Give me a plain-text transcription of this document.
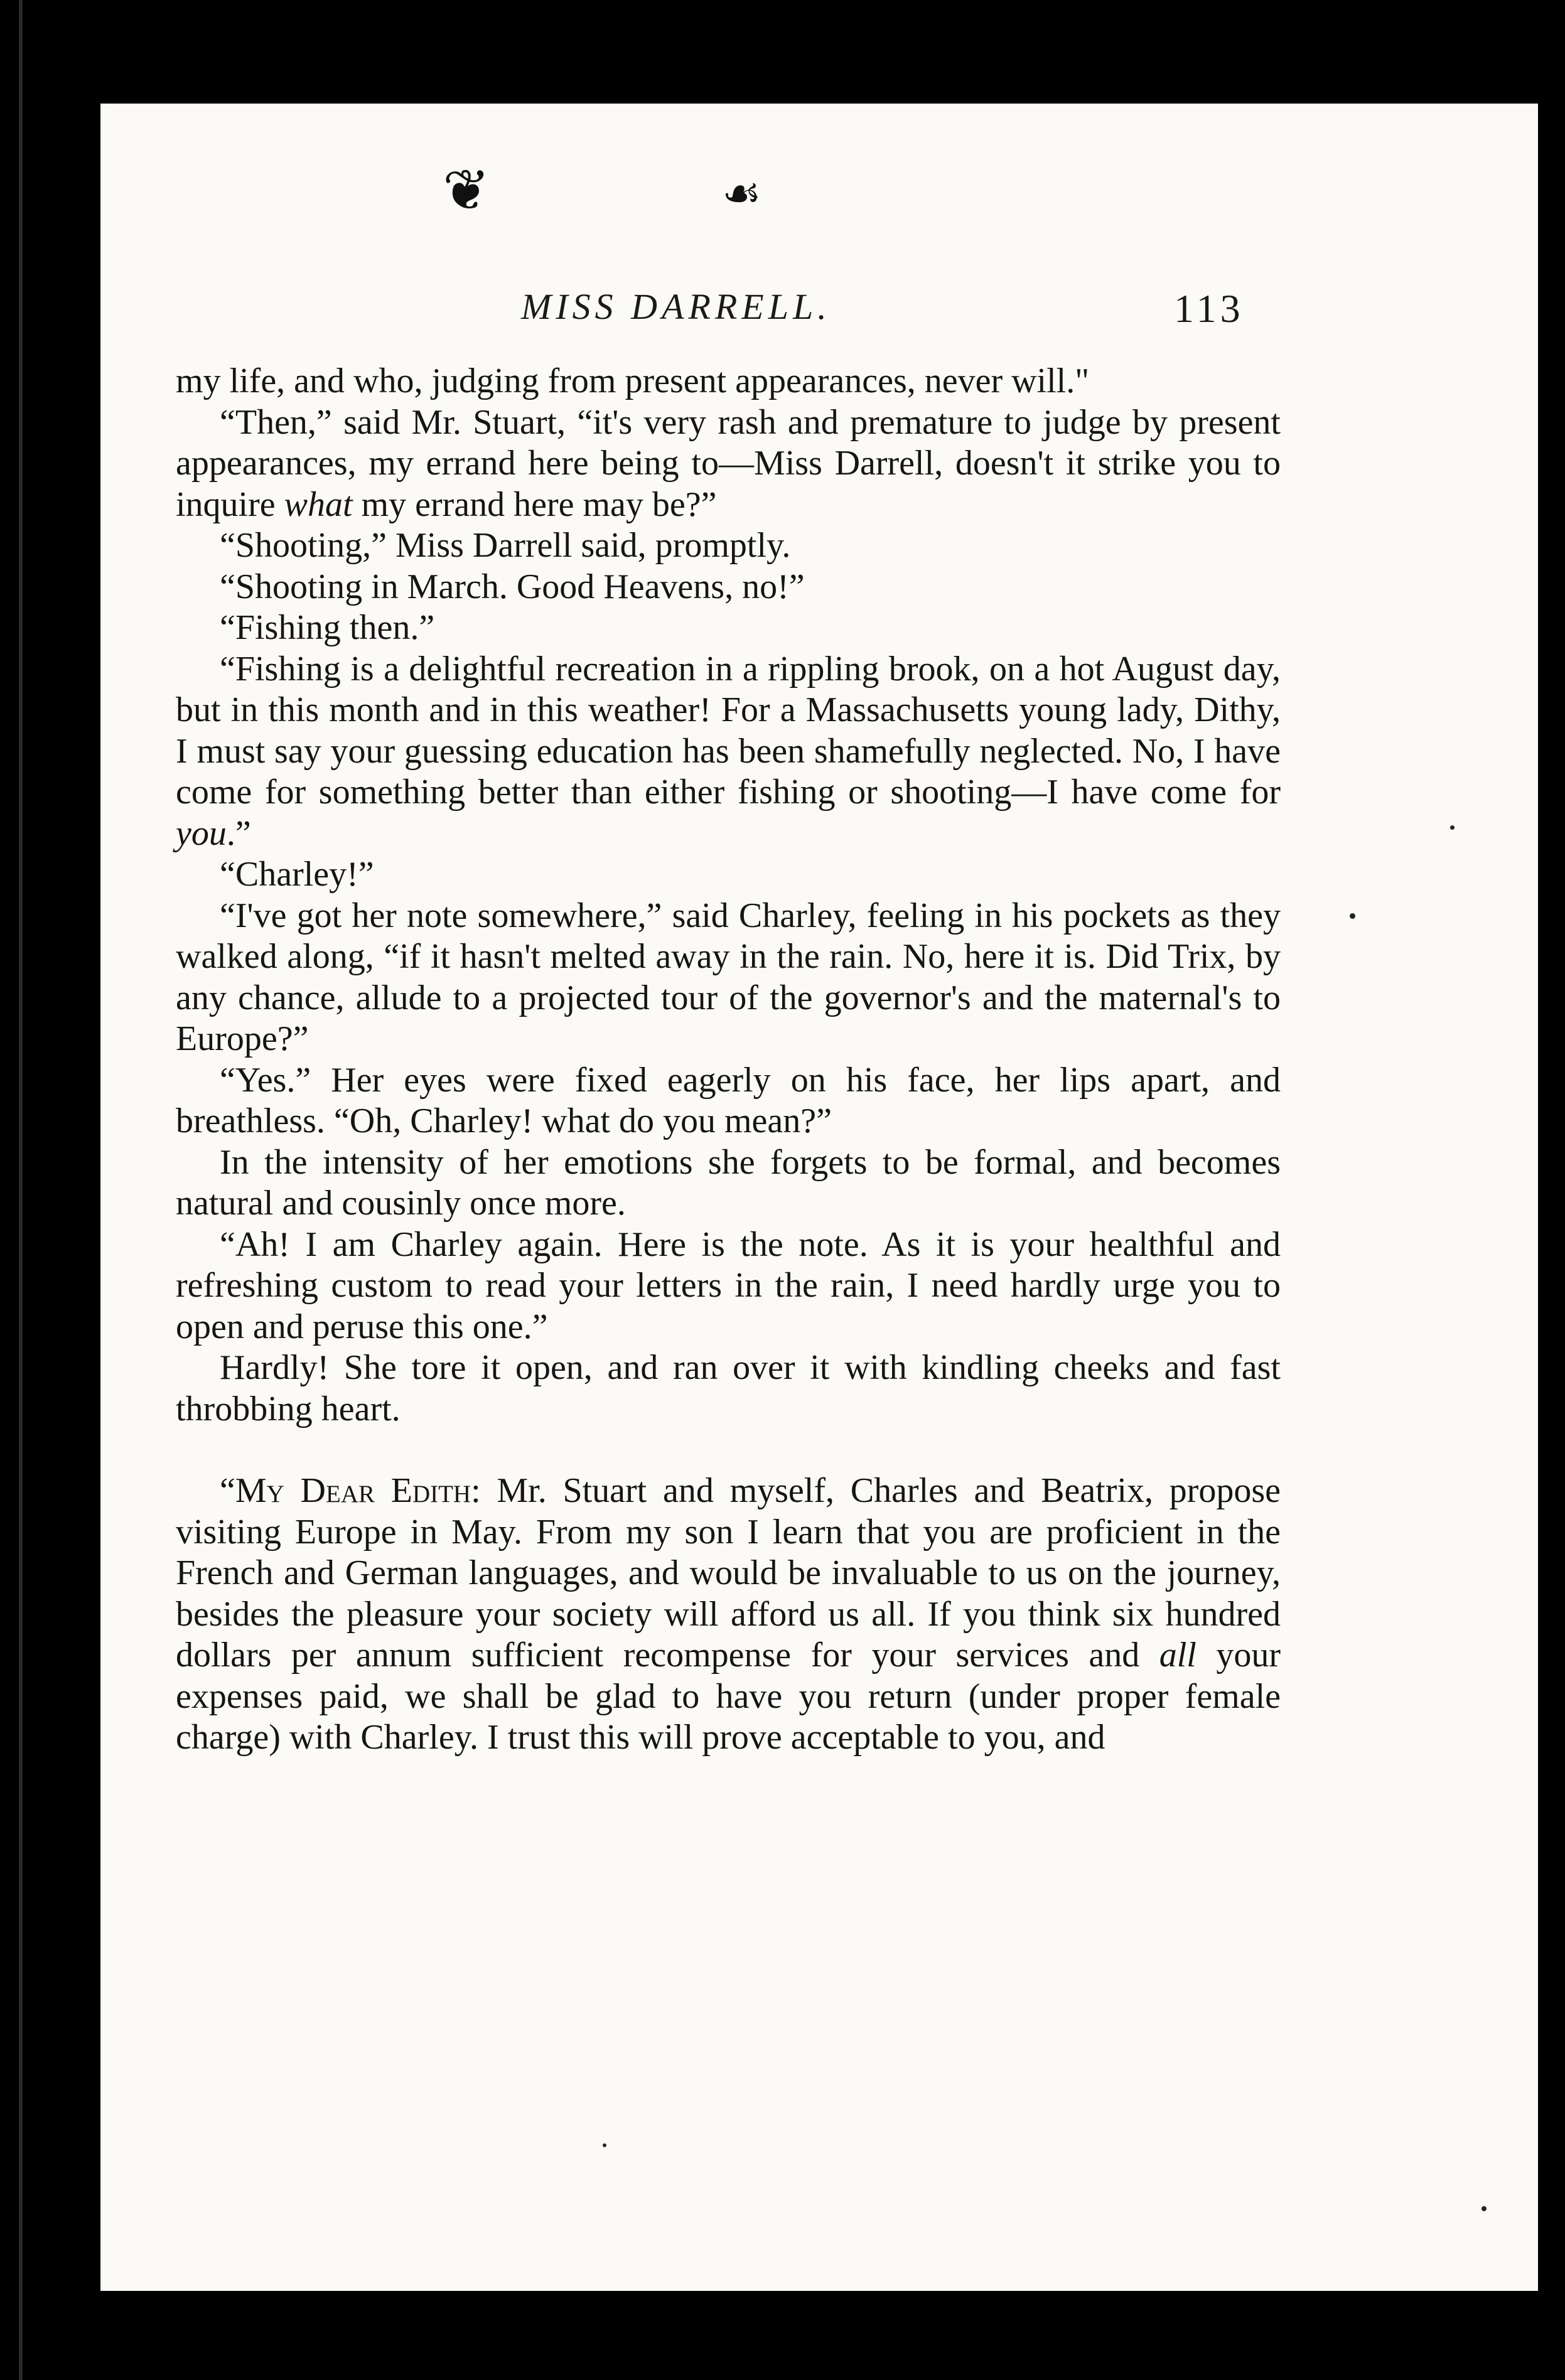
❦	☙
MISS DARRELL.	113

my life, and who, judging from present appearances, never will."

“Then,” said Mr. Stuart, “it's very rash and premature to judge by present appearances, my errand here being to—Miss Darrell, doesn't it strike you to inquire what my errand here may be?”

“Shooting,” Miss Darrell said, promptly.

“Shooting in March. Good Heavens, no!”

“Fishing then.”

“Fishing is a delightful recreation in a rippling brook, on a hot August day, but in this month and in this weather! For a Massachusetts young lady, Dithy, I must say your guessing education has been shamefully neglected. No, I have come for something better than either fishing or shooting—I have come for you.”

“Charley!”

“I've got her note somewhere,” said Charley, feeling in his pockets as they walked along, “if it hasn't melted away in the rain. No, here it is. Did Trix, by any chance, allude to a projected tour of the governor's and the maternal's to Europe?”

“Yes.” Her eyes were fixed eagerly on his face, her lips apart, and breathless. “Oh, Charley! what do you mean?”

In the intensity of her emotions she forgets to be formal, and becomes natural and cousinly once more.

“Ah! I am Charley again. Here is the note. As it is your healthful and refreshing custom to read your letters in the rain, I need hardly urge you to open and peruse this one.”

Hardly! She tore it open, and ran over it with kindling cheeks and fast throbbing heart.

“My Dear Edith: Mr. Stuart and myself, Charles and Beatrix, propose visiting Europe in May. From my son I learn that you are proficient in the French and German languages, and would be invaluable to us on the journey, besides the pleasure your society will afford us all. If you think six hundred dollars per annum sufficient recompense for your services and all your expenses paid, we shall be glad to have you return (under proper female charge) with Charley. I trust this will prove acceptable to you, and
